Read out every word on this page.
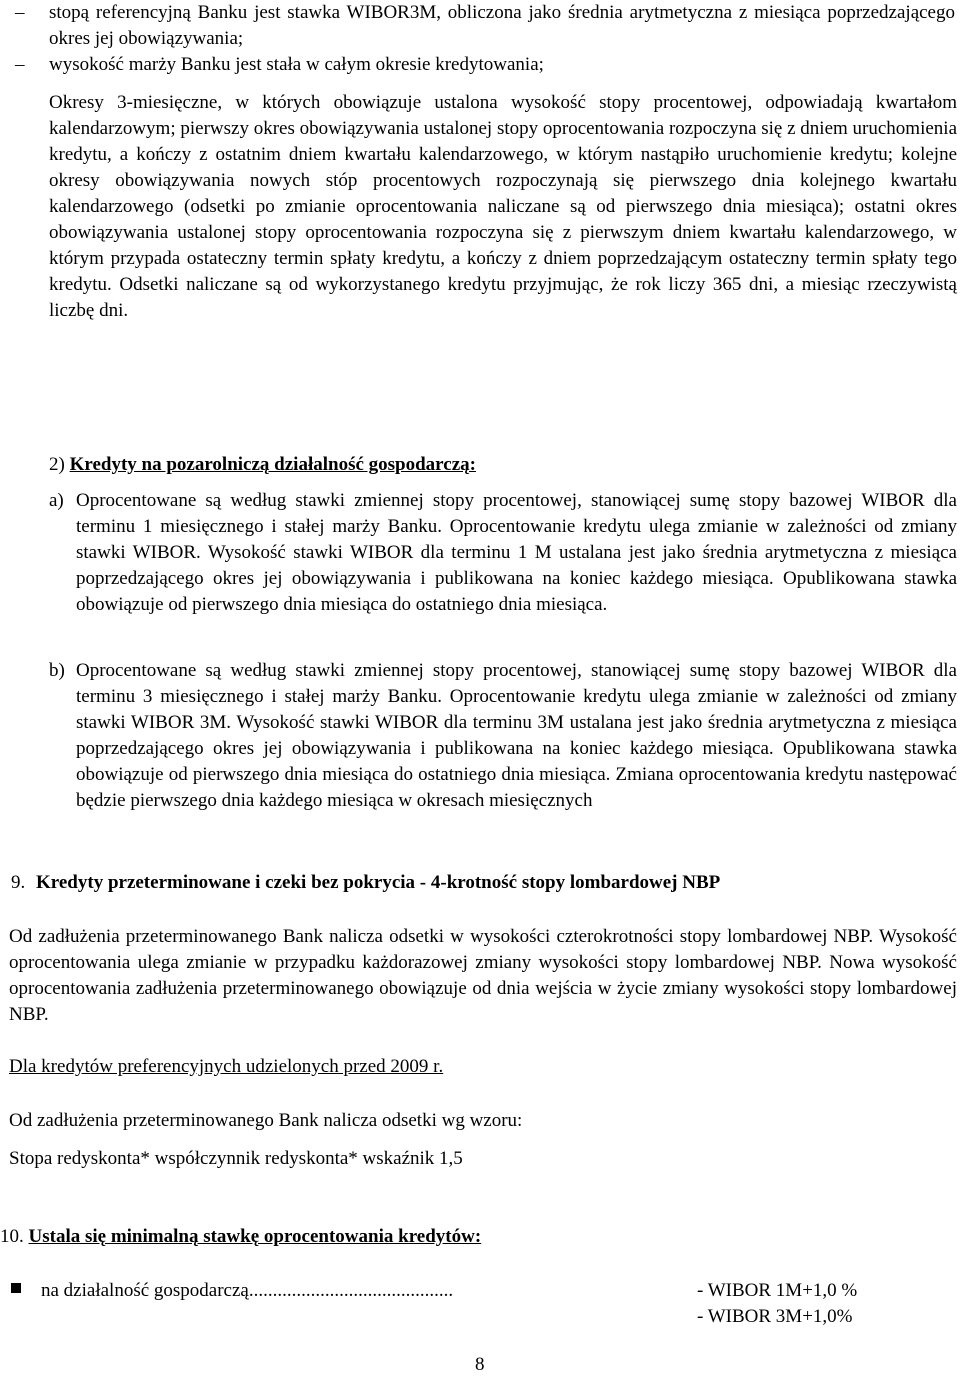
– stopą referencyjną Banku jest stawka WIBOR3M, obliczona jako średnia arytmetyczna z miesiąca poprzedzającego okres jej obowiązywania;
– wysokość marży Banku jest stała w całym okresie kredytowania;

Okresy 3-miesięczne, w których obowiązuje ustalona wysokość stopy procentowej, odpowiadają kwartałom kalendarzowym; pierwszy okres obowiązywania ustalonej stopy oprocentowania rozpoczyna się z dniem uruchomienia kredytu, a kończy z ostatnim dniem kwartału kalendarzowego, w którym nastąpiło uruchomienie kredytu; kolejne okresy obowiązywania nowych stóp procentowych rozpoczynają się pierwszego dnia kolejnego kwartału kalendarzowego (odsetki po zmianie oprocentowania naliczane są od pierwszego dnia miesiąca); ostatni okres obowiązywania ustalonej stopy oprocentowania rozpoczyna się z pierwszym dniem kwartału kalendarzowego, w którym przypada ostateczny termin spłaty kredytu, a kończy z dniem poprzedzającym ostateczny termin spłaty tego kredytu. Odsetki naliczane są od wykorzystanego kredytu przyjmując, że rok liczy 365 dni, a miesiąc rzeczywistą liczbę dni.

2) Kredyty na pozarolniczą działalność gospodarczą:
a) Oprocentowane są według stawki zmiennej stopy procentowej, stanowiącej sumę stopy bazowej WIBOR dla terminu 1 miesięcznego i stałej marży Banku. Oprocentowanie kredytu ulega zmianie w zależności od zmiany stawki WIBOR. Wysokość stawki WIBOR dla terminu 1 M ustalana jest jako średnia arytmetyczna z miesiąca poprzedzającego okres jej obowiązywania i publikowana na koniec każdego miesiąca. Opublikowana stawka obowiązuje od pierwszego dnia miesiąca do ostatniego dnia miesiąca.
b) Oprocentowane są według stawki zmiennej stopy procentowej, stanowiącej sumę stopy bazowej WIBOR dla terminu 3 miesięcznego i stałej marży Banku. Oprocentowanie kredytu ulega zmianie w zależności od zmiany stawki WIBOR 3M. Wysokość stawki WIBOR dla terminu 3M ustalana jest jako średnia arytmetyczna z miesiąca poprzedzającego okres jej obowiązywania i publikowana na koniec każdego miesiąca. Opublikowana stawka obowiązuje od pierwszego dnia miesiąca do ostatniego dnia miesiąca. Zmiana oprocentowania kredytu następować będzie pierwszego dnia każdego miesiąca w okresach miesięcznych
9. Kredyty przeterminowane i czeki bez pokrycia - 4-krotność stopy lombardowej NBP

Od zadłużenia przeterminowanego Bank nalicza odsetki w wysokości czterokrotności stopy lombardowej NBP. Wysokość oprocentowania ulega zmianie w przypadku każdorazowej zmiany wysokości stopy lombardowej NBP. Nowa wysokość oprocentowania zadłużenia przeterminowanego obowiązuje od dnia wejścia w życie zmiany wysokości stopy lombardowej NBP.

Dla kredytów preferencyjnych udzielonych przed 2009 r.
Od zadłużenia przeterminowanego Bank nalicza odsetki wg wzoru:
Stopa redyskonta* współczynnik redyskonta* wskaźnik 1,5
10. Ustala się minimalną stawkę oprocentowania kredytów:
na działalność gospodarczą...........................................	- WIBOR 1M+1,0 %
- WIBOR 3M+1,0%
8
